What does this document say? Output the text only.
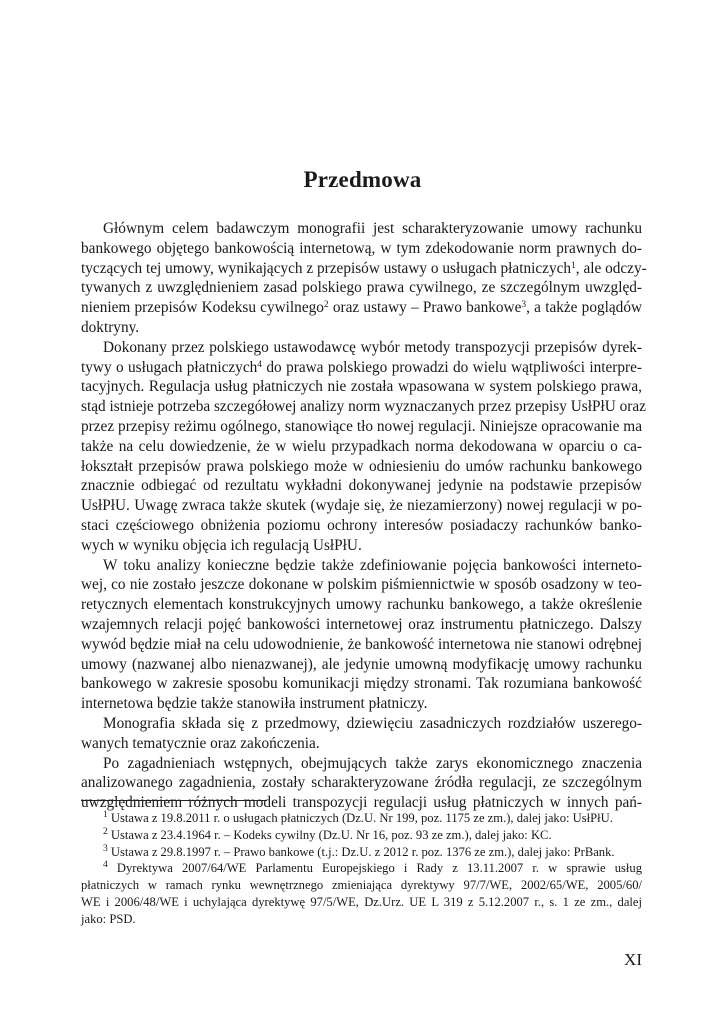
Przedmowa
Głównym celem badawczym monografii jest scharakteryzowanie umowy rachunku
bankowego objętego bankowością internetową, w tym zdekodowanie norm prawnych do-
tyczących tej umowy, wynikających z przepisów ustawy o usługach płatniczych$^1$, ale odczy-
tywanych z uwzględnieniem zasad polskiego prawa cywilnego, ze szczególnym uwzględ-
nieniem przepisów Kodeksu cywilnego$^2$ oraz ustawy – Prawo bankowe$^3$, a także poglądów
doktryny.
Dokonany przez polskiego ustawodawcę wybór metody transpozycji przepisów dyrek-
tywy o usługach płatniczych$^4$ do prawa polskiego prowadzi do wielu wątpliwości interpre-
tacyjnych. Regulacja usług płatniczych nie została wpasowana w system polskiego prawa,
stąd istnieje potrzeba szczegółowej analizy norm wyznaczanych przez przepisy UsłPłU oraz
przez przepisy reżimu ogólnego, stanowiące tło nowej regulacji. Niniejsze opracowanie ma
także na celu dowiedzenie, że w wielu przypadkach norma dekodowana w oparciu o ca-
łokształt przepisów prawa polskiego może w odniesieniu do umów rachunku bankowego
znacznie odbiegać od rezultatu wykładni dokonywanej jedynie na podstawie przepisów
UsłPłU. Uwagę zwraca także skutek (wydaje się, że niezamierzony) nowej regulacji w po-
staci częściowego obniżenia poziomu ochrony interesów posiadaczy rachunków banko-
wych w wyniku objęcia ich regulacją UsłPłU.
W toku analizy konieczne będzie także zdefiniowanie pojęcia bankowości interneto-
wej, co nie zostało jeszcze dokonane w polskim piśmiennictwie w sposób osadzony w teo-
retycznych elementach konstrukcyjnych umowy rachunku bankowego, a także określenie
wzajemnych relacji pojęć bankowości internetowej oraz instrumentu płatniczego. Dalszy
wywód będzie miał na celu udowodnienie, że bankowość internetowa nie stanowi odrębnej
umowy (nazwanej albo nienazwanej), ale jedynie umowną modyfikację umowy rachunku
bankowego w zakresie sposobu komunikacji między stronami. Tak rozumiana bankowość
internetowa będzie także stanowiła instrument płatniczy.
Monografia składa się z przedmowy, dziewięciu zasadniczych rozdziałów uszerego-
wanych tematycznie oraz zakończenia.
Po zagadnieniach wstępnych, obejmujących także zarys ekonomicznego znaczenia
analizowanego zagadnienia, zostały scharakteryzowane źródła regulacji, ze szczególnym
uwzględnieniem różnych modeli transpozycji regulacji usług płatniczych w innych pań-
$^1$ Ustawa z 19.8.2011 r. o usługach płatniczych (Dz.U. Nr 199, poz. 1175 ze zm.), dalej jako: UsłPłU.
$^2$ Ustawa z 23.4.1964 r. – Kodeks cywilny (Dz.U. Nr 16, poz. 93 ze zm.), dalej jako: KC.
$^3$ Ustawa z 29.8.1997 r. – Prawo bankowe (t.j.: Dz.U. z 2012 r. poz. 1376 ze zm.), dalej jako: PrBank.
$^4$ Dyrektywa 2007/64/WE Parlamentu Europejskiego i Rady z 13.11.2007 r. w sprawie usług
płatniczych w ramach rynku wewnętrznego zmieniająca dyrektywy 97/7/WE, 2002/65/WE, 2005/60/
WE i 2006/48/WE i uchylająca dyrektywę 97/5/WE, Dz.Urz. UE L 319 z 5.12.2007 r., s. 1 ze zm., dalej
jako: PSD.
XI
